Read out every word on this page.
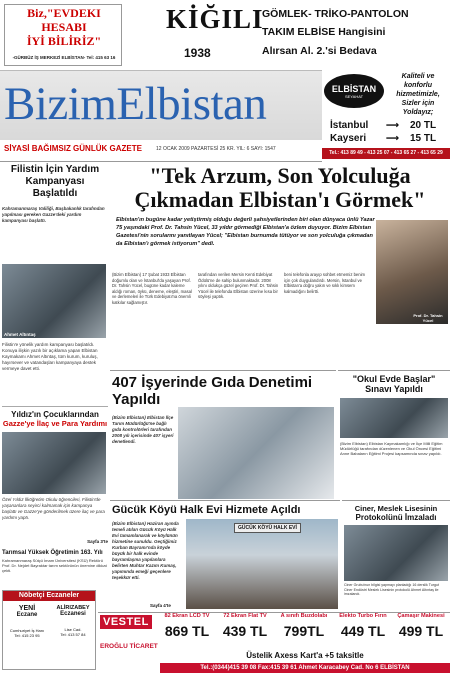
Biz,"EVDEKI
HESABI
İYİ BİLİRİZ"
-GÜRBÜZ İŞ MERKEZİ ELBİSTAN- Tel: 415 63 16
KİĞILI
1938
GÖMLEK- TRİKO-PANTOLON
TAKIM ELBİSE Hangisini
Alırsan Al. 2.'si Bedava
BizimElbistan	ELBİSTAN
SEYAHAT
Kaliteli ve konforlu hizmetimizle, Sizler için Yoldayız;
İstanbul	20 TL
⟶
Kayseri	15 TL
⟶
Tel.: 413 89 49 - 413 25 07 - 413 65 27 - 413 65 29
SİYASİ BAĞIMSIZ GÜNLÜK GAZETE	12 OCAK 2009 PAZARTESİ 25 KR. YIL: 6 SAYI: 1547
Filistin İçin Yardım
Kampanyası Başlatıldı
Kahramanmaraş Valiliği, Başbakanlık tarafından yapılması gereken Gazze'deki yardım kampanyası başlattı.
Ahmet Altıntaş
Filistin'e yönelik yardım kampanyası başlatıldı. Konuya ilişkin yazılı bir açıklama yapan Elbistan Kaymakamı Ahmet Altıntaş, tüm kurum, kuruluş, hayırsever ve vatandaşları kampanyaya destek vermeye davet etti.
Yıldız'ın Çocuklarından
Gazze'ye İlaç ve Para Yardımı
Özel Yıldız İlköğretim Okulu öğrencileri, Filistin'de yaşananlara seyirci kalmamak için kampanya başlattı ve Gazze'ye gönderilmek üzere ilaç ve para yardımı yaptı.
Sayfa 3'te
Tarımsal Yüksek Öğretimin 163. Yılı
Kahramanmaraş Sütçü İmam Üniversitesi (KSÜ) Rektörü Prof. Dr. Nejdet Bayraktar tarım sektörünün önemine dikkat çekti.
Nöbetçi Eczaneler
YENİ
Eczane
Cumhuriyet İş Hanı
Tel: 415 23 95
ALİRIZABEY
Eczanesi
Lise Cad.
Tel: 413 57 84
"Tek Arzum, Son Yolculuğa
Çıkmadan Elbistan'ı Görmek"
Elbistan'ın bugüne kadar yetiştirmiş olduğu değerli şahsiyetlerinden biri olan dünyaca ünlü Yazar 75 yaşındaki Prof. Dr. Tahsin Yücel, 33 yıldır görmediği Elbistan'a özlem duyuyor. Bizim Elbistan Gazetesi'nin sorularını yanıtlayan Yücel; "Elbistan burnumda tütüyor ve son yolculuğa çıkmadan da Elbistan'ı görmek istiyorum" dedi.
(Bizim Elbistan) 17 Şubat 1933 Elbistan doğumlu olan ve İstanbul'da yaşayan Prof. Dr. Tahsin Yücel, bugüne kadar kaleme aldığı roman, öykü, deneme, eleştiri, masal ve derlemeleri ile Türk Edebiyatı'na önemli katkılar sağlamıştır.
tarafından verilen Mersin Kenti Edebiyat Ödülü'ne de sahip bulunmaktadır. 2008 yılını oldukça güzel geçiren Prof. Dr. Tahsin Yücel ile telefonda Elbistan üzerine kısa bir söyleşi yaptık.
beni telefonla arayıp sohbet etmemiz benim için çok duygulandırdı. Mersin, İstanbul ve Elbistan'a doğru yakın ve sıklı kimsem kalmadığını belirtti.
Prof. Dr. Tahsin Yücel
407 İşyerinde Gıda Denetimi
Yapıldı
(Bizim Elbistan) Elbistan İlçe Tarım Müdürlüğü'ne bağlı gıda kontrolörleri tarafından 2008 yılı içerisinde 407 işyeri denetlendi.
"Okul Evde Başlar"
Sınavı Yapıldı
(Bizim Elbistan) Elbistan Kaymakamlığı ve İlçe Milli Eğitim Müdürlüğü tarafından düzenlenen ve Okul Öncesi Eğitimi Anne Babaların Eğitimi Projesi kapsamında sınav yapıldı.
Gücük Köyü Halk Evi Hizmete Açıldı
(Bizim Elbistan) Haziran ayında temeli atılan Gücük Köyü Halk Evi tamamlanarak ve köylünün hizmetine sunuldu. Geçtiğimiz Kurban Bayramı'nda köyde büyük bir halk evinde bayramlaşma yapılanlara belirten Muhtar Kazım Kumaş, yapımında emeği geçenlere teşekkür etti.
Sayfa 4'te
GÜCÜK KÖYÜ HALK EVİ
Ciner, Meslek Lisesinin
Protokolünü İmzaladı
Ciner Grubu'nun bilgisi yapmayı planladığı 16 derslik Turgut Ciner Endüstri Meslek Lisesinin protokolü Ahmet Altıntaş ile imzalandı.
VESTEL
EROĞLU TİCARET
82 Ekran LCD TV
869 TL
72 Ekran Flat TV
439 TL
A sınıfı Buzdolabı
799TL
Elekto Turbo Fırın
449 TL
Çamaşır Makinesi
499 TL
Üstelik Axess Kart'a +5 taksitle
Tel.:(0344)415 39 08 Fax:415 39 61 Ahmet Karacabey Cad. No 6 ELBİSTAN
